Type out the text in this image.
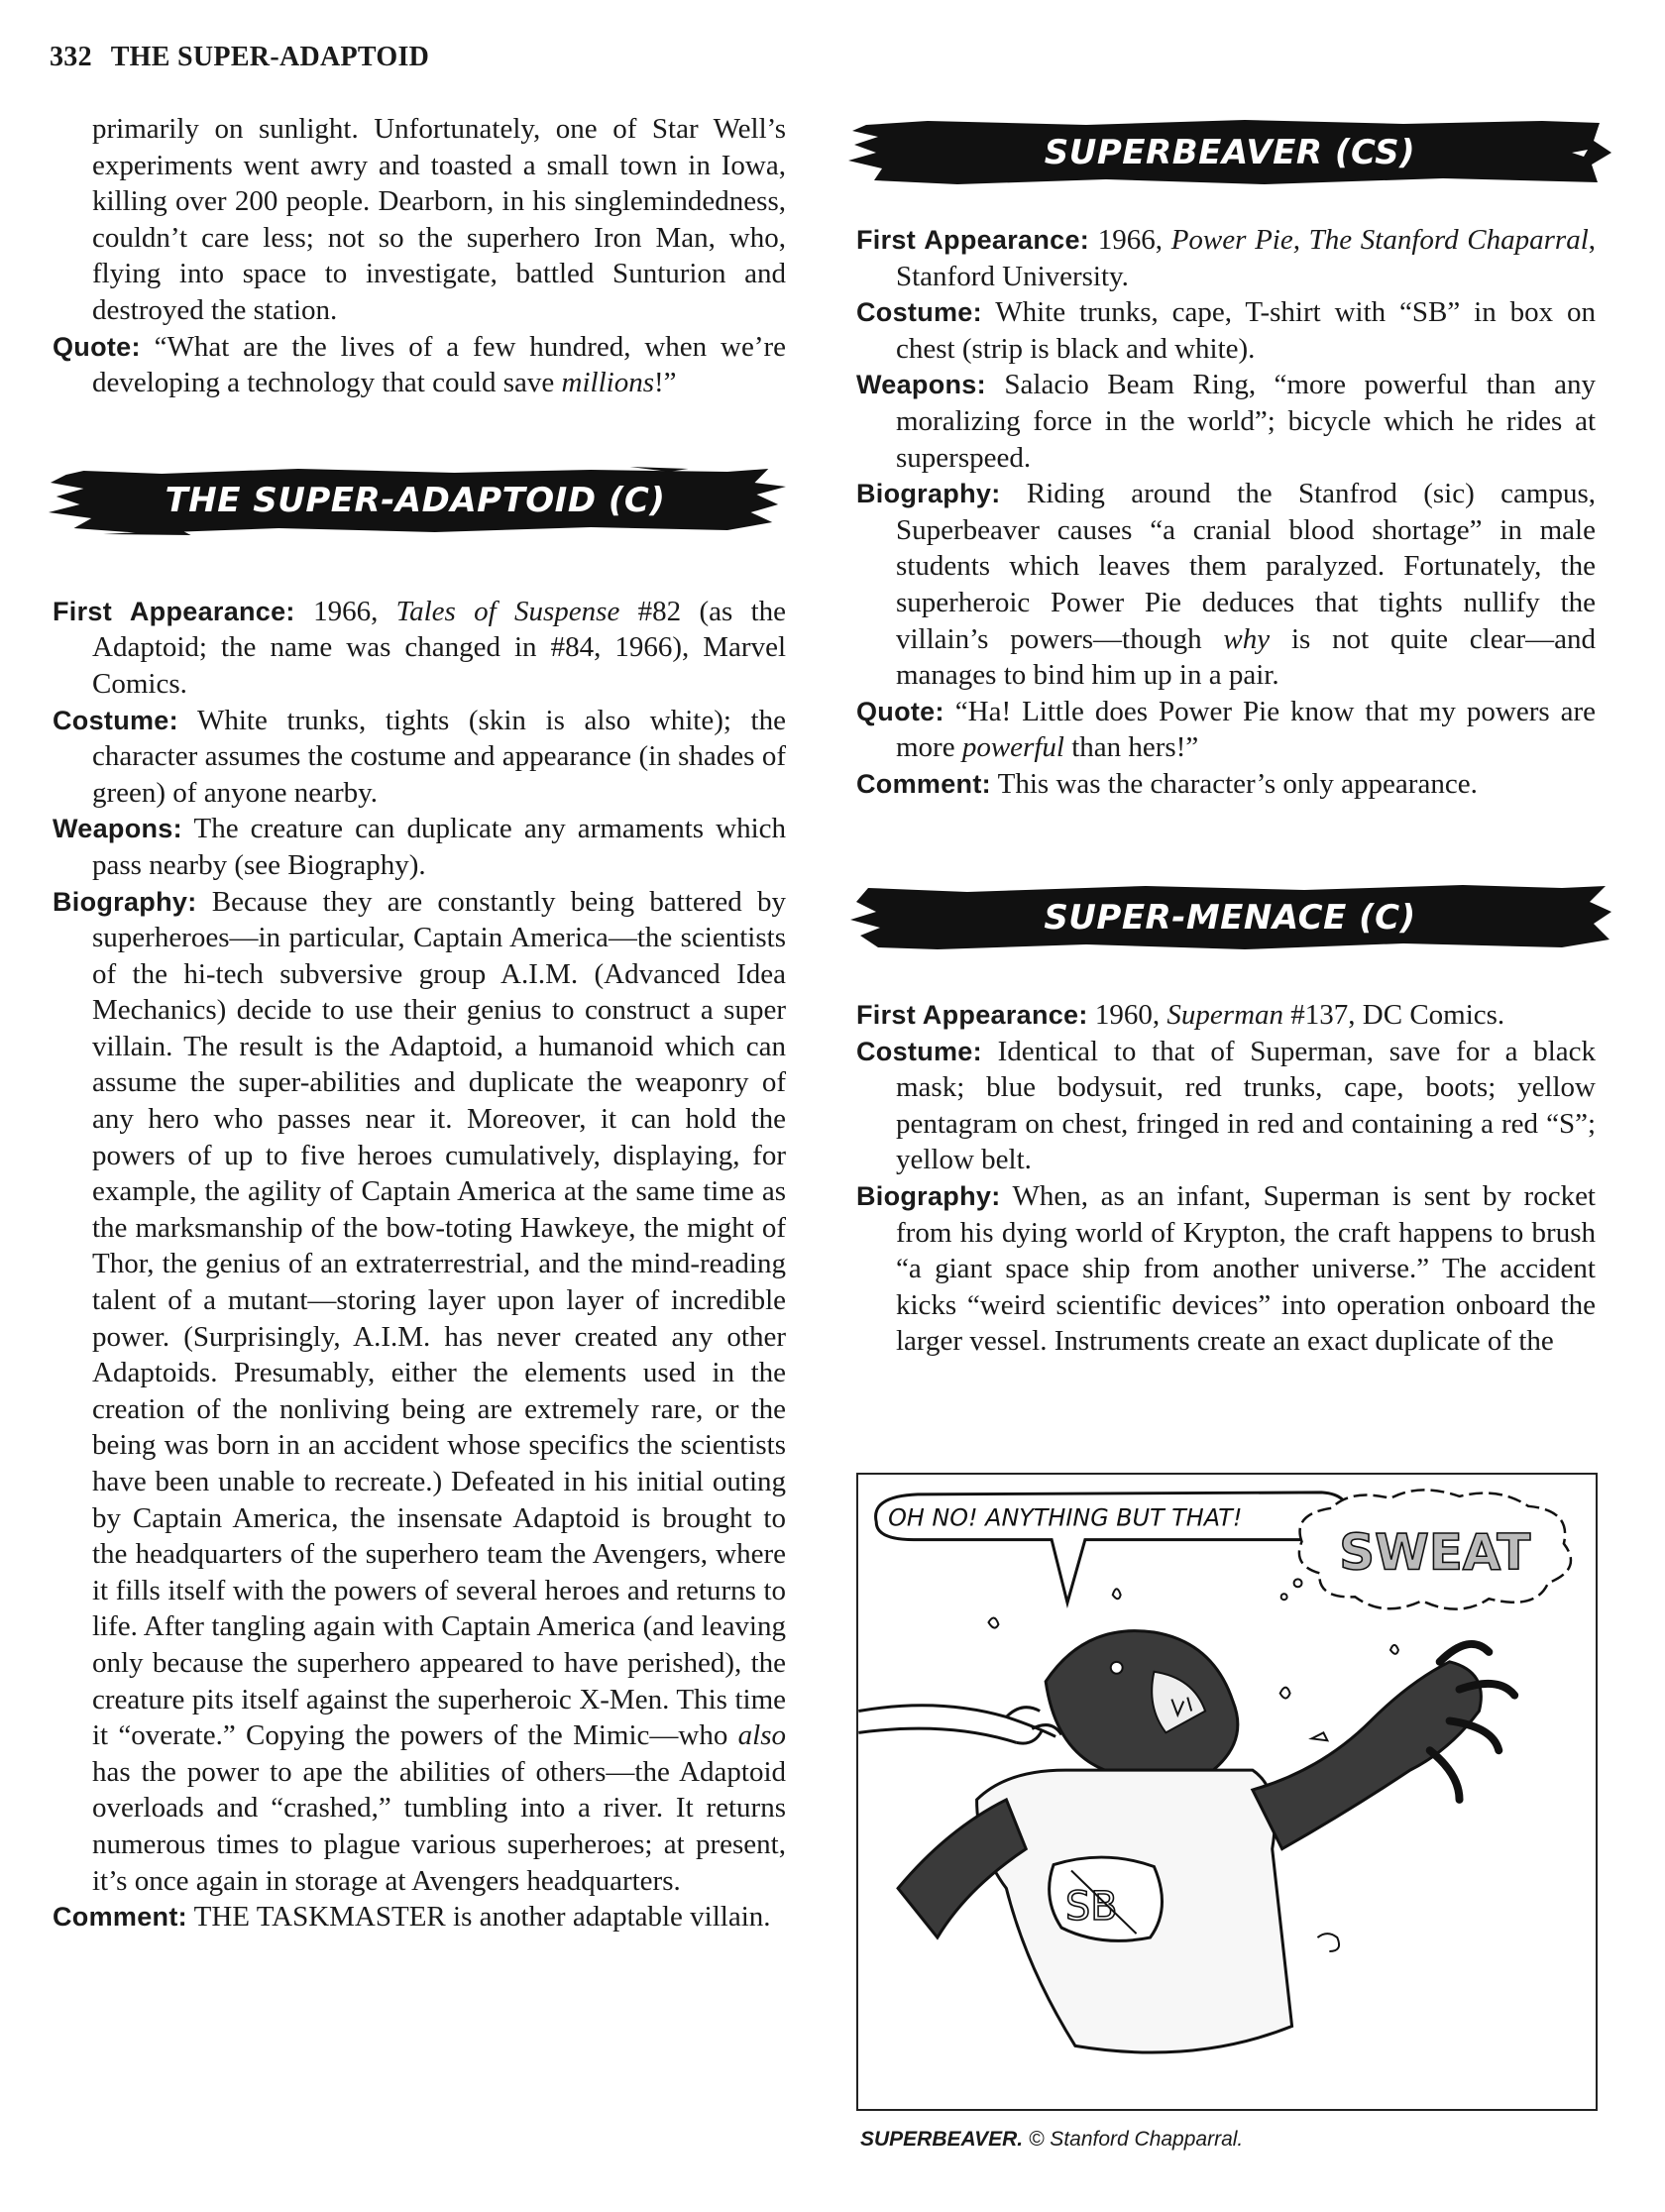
332 THE SUPER-ADAPTOID

primarily on sunlight. Unfortunately, one of Star Well’s experiments went awry and toasted a small town in Iowa, killing over 200 people. Dearborn, in his singlemindedness, couldn’t care less; not so the superhero Iron Man, who, flying into space to investigate, battled Sunturion and destroyed the station.

Quote: “What are the lives of a few hundred, when we’re developing a technology that could save millions!”

THE SUPER-ADAPTOID (C)

First Appearance: 1966, Tales of Suspense #82 (as the Adaptoid; the name was changed in #84, 1966), Marvel Comics.

Costume: White trunks, tights (skin is also white); the character assumes the costume and appearance (in shades of green) of anyone nearby.

Weapons: The creature can duplicate any armaments which pass nearby (see Biography).

Biography: Because they are constantly being battered by superheroes—in particular, Captain America—the scientists of the hi-tech subversive group A.I.M. (Advanced Idea Mechanics) decide to use their genius to construct a super villain. The result is the Adaptoid, a humanoid which can assume the super-abilities and duplicate the weaponry of any hero who passes near it. Moreover, it can hold the powers of up to five heroes cumulatively, displaying, for example, the agility of Captain America at the same time as the marksmanship of the bow-toting Hawkeye, the might of Thor, the genius of an extraterrestrial, and the mind-reading talent of a mutant—storing layer upon layer of incredible power. (Surprisingly, A.I.M. has never created any other Adaptoids. Presumably, either the elements used in the creation of the nonliving being are extremely rare, or the being was born in an accident whose specifics the scientists have been unable to recreate.) Defeated in his initial outing by Captain America, the insensate Adaptoid is brought to the headquarters of the superhero team the Avengers, where it fills itself with the powers of several heroes and returns to life. After tangling again with Captain America (and leaving only because the superhero appeared to have perished), the creature pits itself against the superheroic X-Men. This time it “overate.” Copying the powers of the Mimic—who also has the power to ape the abilities of others—the Adaptoid overloads and “crashed,” tumbling into a river. It returns numerous times to plague various superheroes; at present, it’s once again in storage at Avengers headquarters.

Comment: THE TASKMASTER is another adaptable villain.

SUPERBEAVER (CS)

First Appearance: 1966, Power Pie, The Stanford Chaparral, Stanford University.

Costume: White trunks, cape, T-shirt with “SB” in box on chest (strip is black and white).

Weapons: Salacio Beam Ring, “more powerful than any moralizing force in the world”; bicycle which he rides at superspeed.

Biography: Riding around the Stanfrod (sic) campus, Superbeaver causes “a cranial blood shortage” in male students which leaves them paralyzed. Fortunately, the superheroic Power Pie deduces that tights nullify the villain’s powers—though why is not quite clear—and manages to bind him up in a pair.

Quote: “Ha! Little does Power Pie know that my powers are more powerful than hers!”

Comment: This was the character’s only appearance.

SUPER-MENACE (C)

First Appearance: 1960, Superman #137, DC Comics.

Costume: Identical to that of Superman, save for a black mask; blue bodysuit, red trunks, cape, boots; yellow pentagram on chest, fringed in red and containing a red “S”; yellow belt.

Biography: When, as an infant, Superman is sent by rocket from his dying world of Krypton, the craft happens to brush “a giant space ship from another universe.” The accident kicks “weird scientific devices” into operation onboard the larger vessel. Instruments create an exact duplicate of the

OH NO! ANYTHING BUT THAT!
SWEAT
SB
SUPERBEAVER. © Stanford Chapparral.
